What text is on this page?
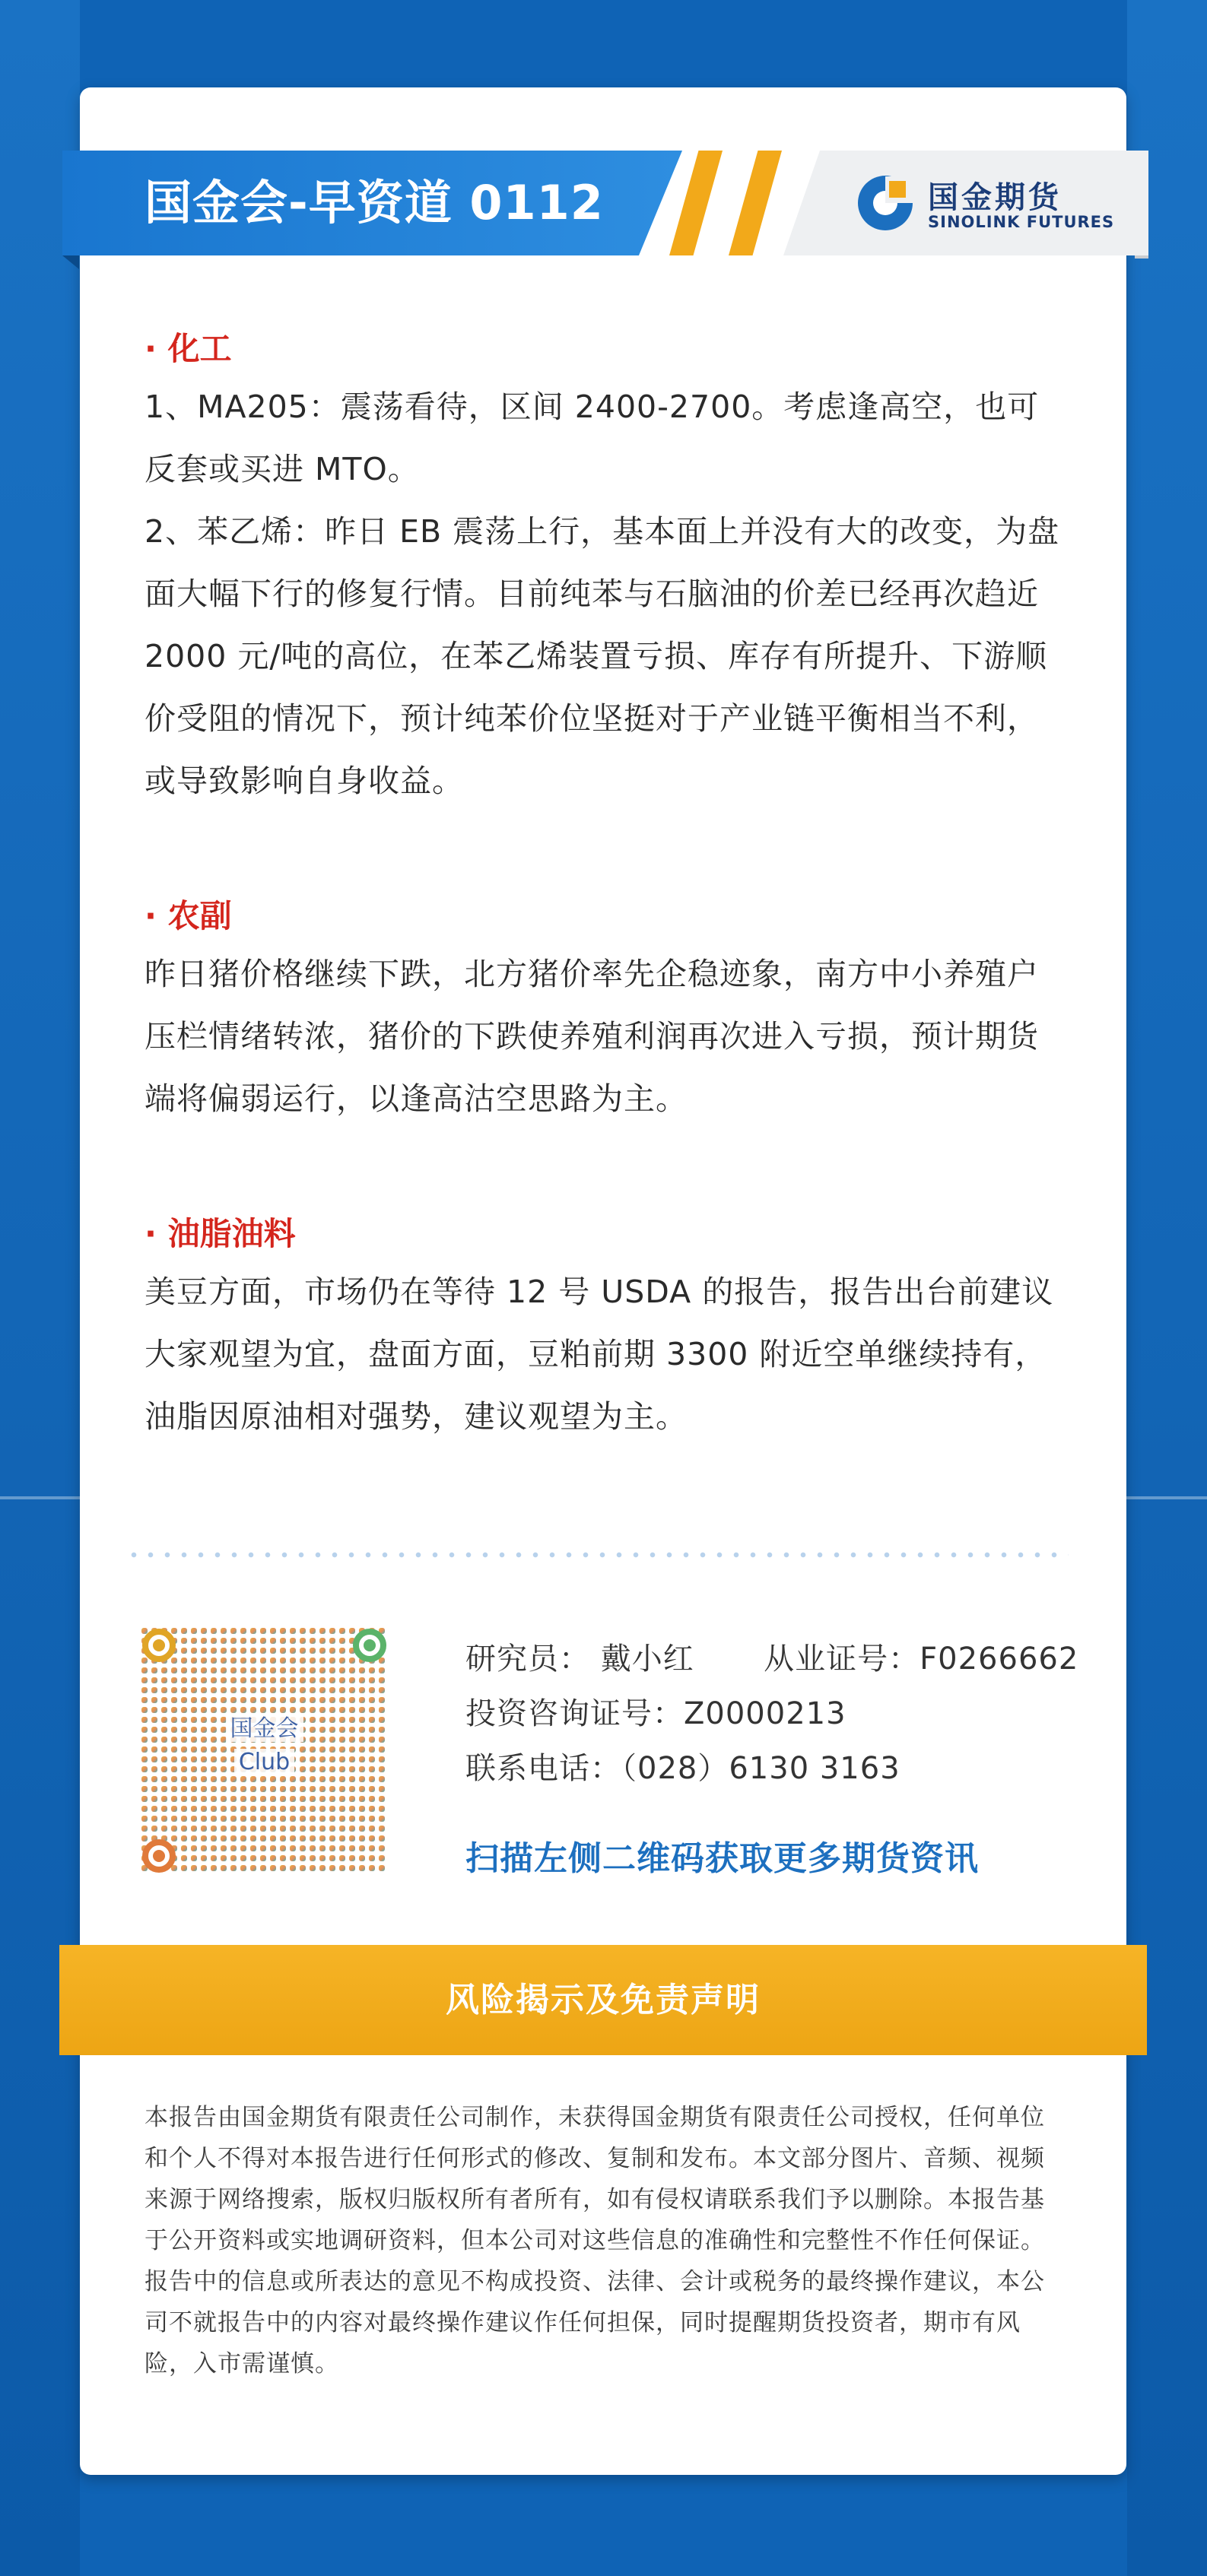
国金会-早资道 0112	国金期货
SINOLINK FUTURES
· 化工
1、MA205：震荡看待，区间 2400-2700。考虑逢高空，也可反套或买进 MTO。
2、苯乙烯：昨日 EB 震荡上行，基本面上并没有大的改变，为盘面大幅下行的修复行情。目前纯苯与石脑油的价差已经再次趋近 2000 元/吨的高位，在苯乙烯装置亏损、库存有所提升、下游顺价受阻的情况下，预计纯苯价位坚挺对于产业链平衡相当不利，或导致影响自身收益。
· 农副
昨日猪价格继续下跌，北方猪价率先企稳迹象，南方中小养殖户压栏情绪转浓，猪价的下跌使养殖利润再次进入亏损，预计期货端将偏弱运行，以逢高沽空思路为主。
· 油脂油料
美豆方面，市场仍在等待 12 号 USDA 的报告，报告出台前建议大家观望为宜，盘面方面，豆粕前期 3300 附近空单继续持有，油脂因原油相对强势，建议观望为主。
国金会
Club
研究员： 戴小红 从业证号：F0266662
投资咨询证号：Z0000213
联系电话：（028）6130 3163
扫描左侧二维码获取更多期货资讯
风险揭示及免责声明
本报告由国金期货有限责任公司制作，未获得国金期货有限责任公司授权，任何单位和个人不得对本报告进行任何形式的修改、复制和发布。本文部分图片、音频、视频来源于网络搜索，版权归版权所有者所有，如有侵权请联系我们予以删除。本报告基于公开资料或实地调研资料，但本公司对这些信息的准确性和完整性不作任何保证。报告中的信息或所表达的意见不构成投资、法律、会计或税务的最终操作建议，本公司不就报告中的内容对最终操作建议作任何担保，同时提醒期货投资者，期市有风险，入市需谨慎。
